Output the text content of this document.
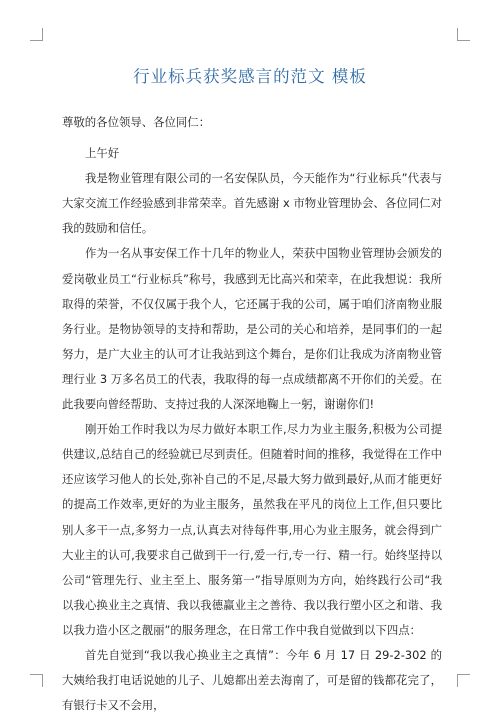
行业标兵获奖感言的范文 模板

尊敬的各位领导、各位同仁：

上午好

我是物业管理有限公司的一名安保队员，今天能作为“行业标兵”代表与大家交流工作经验感到非常荣幸。首先感谢 x 市物业管理协会、各位同仁对我的鼓励和信任。

作为一名从事安保工作十几年的物业人，荣获中国物业管理协会颁发的爱岗敬业员工“行业标兵”称号，我感到无比高兴和荣幸，在此我想说：我所取得的荣誉，不仅仅属于我个人，它还属于我的公司，属于咱们济南物业服务行业。是物协领导的支持和帮助，是公司的关心和培养，是同事们的一起努力，是广大业主的认可才让我站到这个舞台，是你们让我成为济南物业管理行业 3 万多名员工的代表，我取得的每一点成绩都离不开你们的关爱。在此我要向曾经帮助、支持过我的人深深地鞠上一躬，谢谢你们!

刚开始工作时我以为尽力做好本职工作,尽力为业主服务,积极为公司提供建议,总结自己的经验就已尽到责任。但随着时间的推移，我觉得在工作中还应该学习他人的长处,弥补自己的不足,尽最大努力做到最好,从而才能更好的提高工作效率,更好的为业主服务，虽然我在平凡的岗位上工作,但只要比别人多干一点,多努力一点,认真去对待每件事,用心为业主服务，就会得到广大业主的认可,我要求自己做到干一行,爱一行,专一行、精一行。始终坚持以公司“管理先行、业主至上、服务第一”指导原则为方向，始终践行公司“我以我心换业主之真情、我以我德赢业主之善待、我以我行塑小区之和谐、我以我力造小区之靓丽”的服务理念，在日常工作中我自觉做到以下四点：

首先自觉到“我以我心换业主之真情”：今年 6 月 17 日 29-2-302 的大姨给我打电话说她的儿子、儿媳都出差去海南了，可是留的钱都花完了，有银行卡又不会用，
